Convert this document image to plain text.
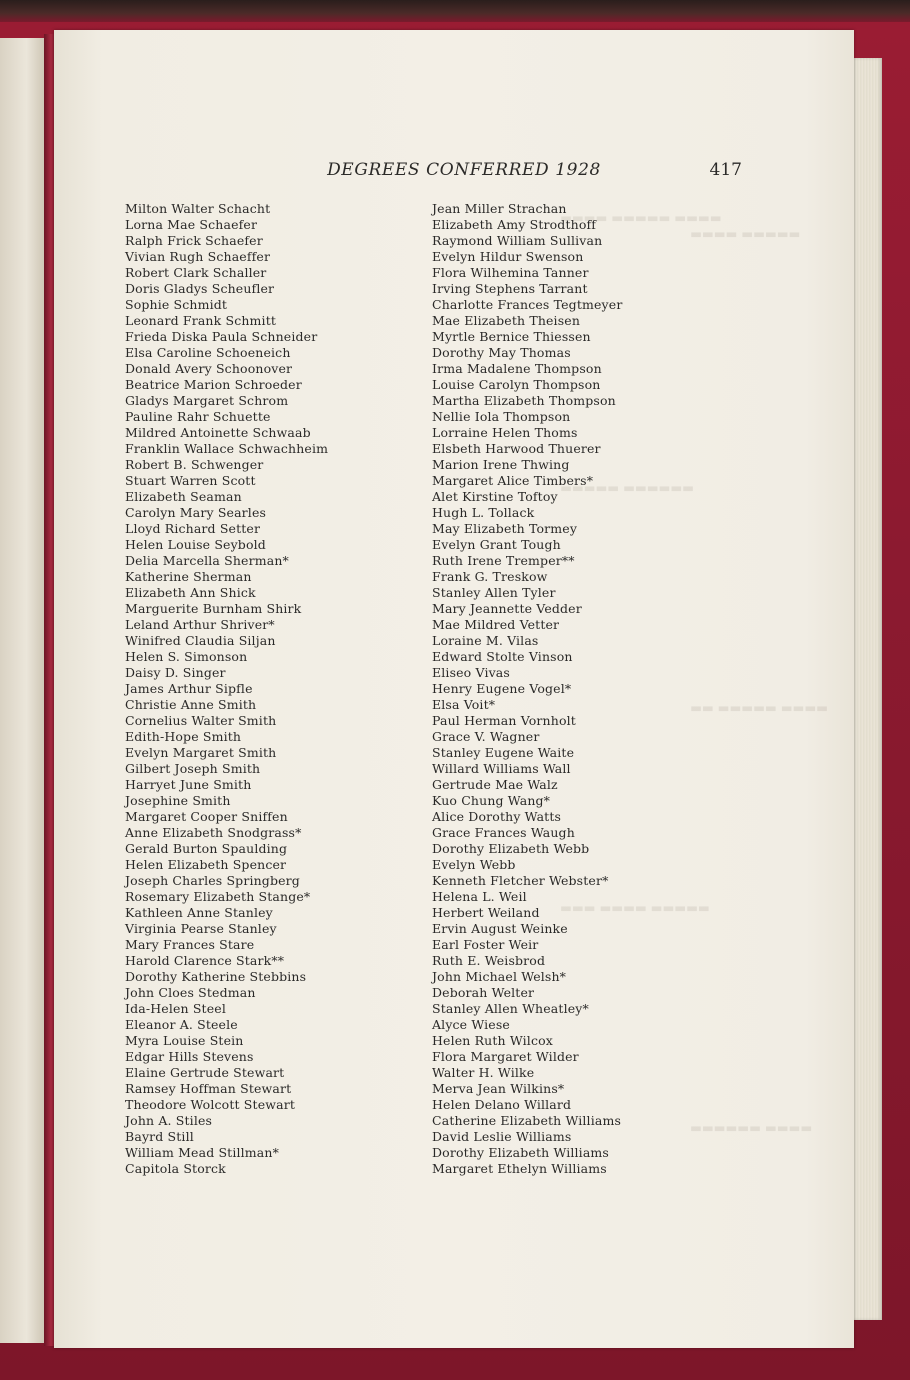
▬▬▬▬ ▬▬▬▬▬ ▬▬▬▬
▬▬▬▬▬ ▬▬▬▬
▬▬▬▬▬▬ ▬▬▬▬▬
▬▬▬▬ ▬▬▬▬▬ ▬▬
▬▬▬▬▬ ▬▬▬▬ ▬▬▬
▬▬▬▬ ▬▬▬▬▬▬
DEGREES CONFERRED 1928	417
Milton Walter Schacht
Lorna Mae Schaefer
Ralph Frick Schaefer
Vivian Rugh Schaeffer
Robert Clark Schaller
Doris Gladys Scheufler
Sophie Schmidt
Leonard Frank Schmitt
Frieda Diska Paula Schneider
Elsa Caroline Schoeneich
Donald Avery Schoonover
Beatrice Marion Schroeder
Gladys Margaret Schrom
Pauline Rahr Schuette
Mildred Antoinette Schwaab
Franklin Wallace Schwachheim
Robert B. Schwenger
Stuart Warren Scott
Elizabeth Seaman
Carolyn Mary Searles
Lloyd Richard Setter
Helen Louise Seybold
Delia Marcella Sherman*
Katherine Sherman
Elizabeth Ann Shick
Marguerite Burnham Shirk
Leland Arthur Shriver*
Winifred Claudia Siljan
Helen S. Simonson
Daisy D. Singer
James Arthur Sipfle
Christie Anne Smith
Cornelius Walter Smith
Edith-Hope Smith
Evelyn Margaret Smith
Gilbert Joseph Smith
Harryet June Smith
Josephine Smith
Margaret Cooper Sniffen
Anne Elizabeth Snodgrass*
Gerald Burton Spaulding
Helen Elizabeth Spencer
Joseph Charles Springberg
Rosemary Elizabeth Stange*
Kathleen Anne Stanley
Virginia Pearse Stanley
Mary Frances Stare
Harold Clarence Stark**
Dorothy Katherine Stebbins
John Cloes Stedman
Ida-Helen Steel
Eleanor A. Steele
Myra Louise Stein
Edgar Hills Stevens
Elaine Gertrude Stewart
Ramsey Hoffman Stewart
Theodore Wolcott Stewart
John A. Stiles
Bayrd Still
William Mead Stillman*
Capitola Storck
Jean Miller Strachan
Elizabeth Amy Strodthoff
Raymond William Sullivan
Evelyn Hildur Swenson
Flora Wilhemina Tanner
Irving Stephens Tarrant
Charlotte Frances Tegtmeyer
Mae Elizabeth Theisen
Myrtle Bernice Thiessen
Dorothy May Thomas
Irma Madalene Thompson
Louise Carolyn Thompson
Martha Elizabeth Thompson
Nellie Iola Thompson
Lorraine Helen Thoms
Elsbeth Harwood Thuerer
Marion Irene Thwing
Margaret Alice Timbers*
Alet Kirstine Toftoy
Hugh L. Tollack
May Elizabeth Tormey
Evelyn Grant Tough
Ruth Irene Tremper**
Frank G. Treskow
Stanley Allen Tyler
Mary Jeannette Vedder
Mae Mildred Vetter
Loraine M. Vilas
Edward Stolte Vinson
Eliseo Vivas
Henry Eugene Vogel*
Elsa Voit*
Paul Herman Vornholt
Grace V. Wagner
Stanley Eugene Waite
Willard Williams Wall
Gertrude Mae Walz
Kuo Chung Wang*
Alice Dorothy Watts
Grace Frances Waugh
Dorothy Elizabeth Webb
Evelyn Webb
Kenneth Fletcher Webster*
Helena L. Weil
Herbert Weiland
Ervin August Weinke
Earl Foster Weir
Ruth E. Weisbrod
John Michael Welsh*
Deborah Welter
Stanley Allen Wheatley*
Alyce Wiese
Helen Ruth Wilcox
Flora Margaret Wilder
Walter H. Wilke
Merva Jean Wilkins*
Helen Delano Willard
Catherine Elizabeth Williams
David Leslie Williams
Dorothy Elizabeth Williams
Margaret Ethelyn Williams
